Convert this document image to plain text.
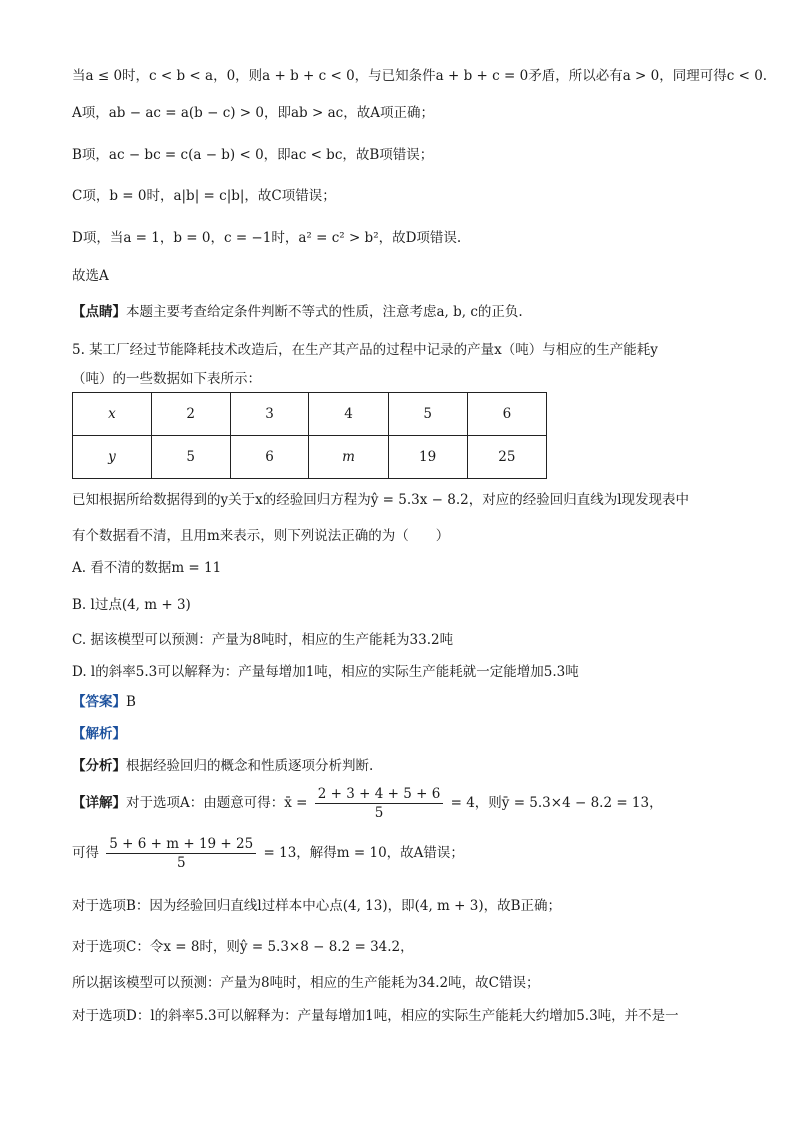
当a ≤ 0时，c < b < a，0，则a + b + c < 0，与已知条件a + b + c = 0矛盾，所以必有a > 0，同理可得c < 0.
A项，ab − ac = a(b − c) > 0，即ab > ac，故A项正确；
B项，ac − bc = c(a − b) < 0，即ac < bc，故B项错误；
C项，b = 0时，a|b| = c|b|，故C项错误；
D项，当a = 1，b = 0，c = −1时，a² = c² > b²，故D项错误.
故选A
【点睛】本题主要考查给定条件判断不等式的性质，注意考虑a, b, c的正负.
5. 某工厂经过节能降耗技术改造后，在生产其产品的过程中记录的产量x（吨）与相应的生产能耗y
（吨）的一些数据如下表所示：
x	2	3	4	5	6
y	5	6	m	19	25
已知根据所给数据得到的y关于x的经验回归方程为ŷ = 5.3x − 8.2，对应的经验回归直线为l现发现表中
有个数据看不清，且用m来表示，则下列说法正确的为（　　）
A. 看不清的数据m = 11
B. l过点(4, m + 3)
C. 据该模型可以预测：产量为8吨时，相应的生产能耗为33.2吨
D. l的斜率5.3可以解释为：产量每增加1吨，相应的实际生产能耗就一定能增加5.3吨
【答案】B
【解析】
【分析】根据经验回归的概念和性质逐项分析判断.
【详解】对于选项A：由题意可得：x̄ = $\frac{2 + 3 + 4 + 5 + 6}{5} = 4$，则ȳ = 5.3×4 − 8.2 = 13，
可得 $\frac{5 + 6 + m + 19 + 25}{5} = 13$，解得m = 10，故A错误；
对于选项B：因为经验回归直线l过样本中心点(4, 13)，即(4, m + 3)，故B正确；
对于选项C：令x = 8时，则ŷ = 5.3×8 − 8.2 = 34.2，
所以据该模型可以预测：产量为8吨时，相应的生产能耗为34.2吨，故C错误；
对于选项D：l的斜率5.3可以解释为：产量每增加1吨，相应的实际生产能耗大约增加5.3吨，并不是一
